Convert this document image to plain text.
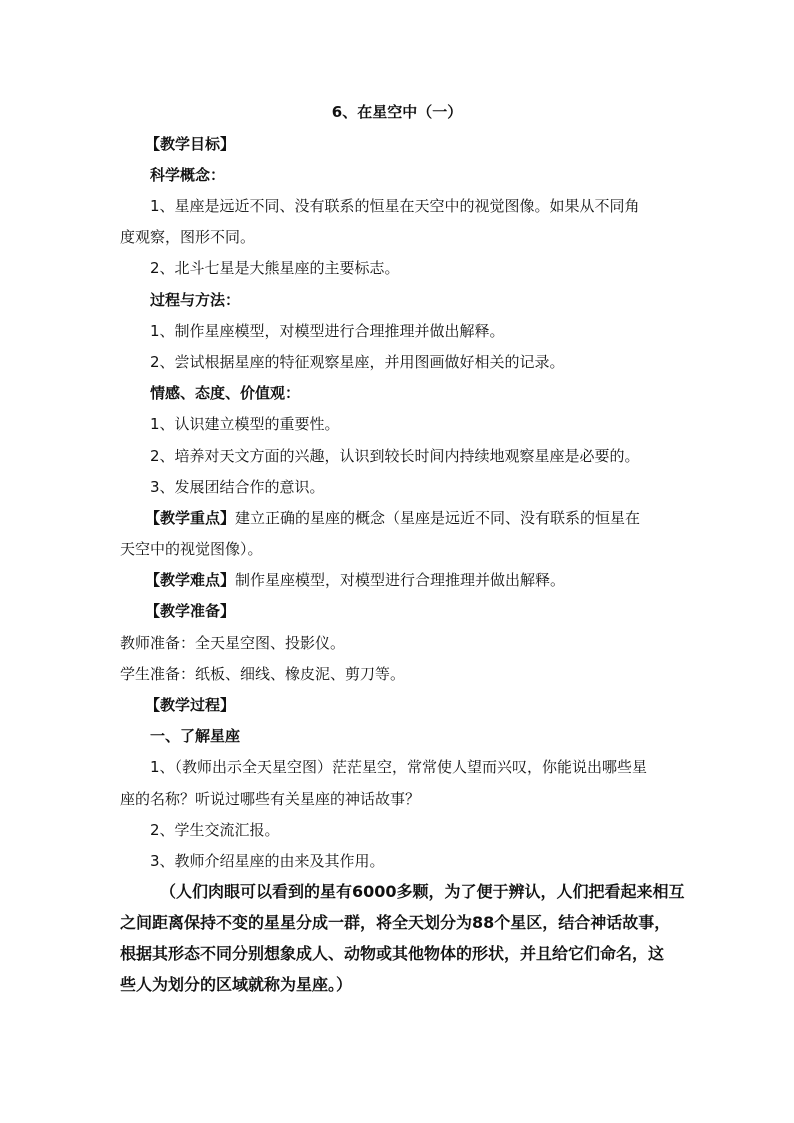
6、在星空中（一）
【教学目标】
科学概念：
1、星座是远近不同、没有联系的恒星在天空中的视觉图像。如果从不同角
度观察，图形不同。
2、北斗七星是大熊星座的主要标志。
过程与方法：
1、制作星座模型，对模型进行合理推理并做出解释。
2、尝试根据星座的特征观察星座，并用图画做好相关的记录。
情感、态度、价值观：
1、认识建立模型的重要性。
2、培养对天文方面的兴趣，认识到较长时间内持续地观察星座是必要的。
3、发展团结合作的意识。
【教学重点】建立正确的星座的概念（星座是远近不同、没有联系的恒星在
天空中的视觉图像）。
【教学难点】制作星座模型，对模型进行合理推理并做出解释。
【教学准备】
教师准备：全天星空图、投影仪。
学生准备：纸板、细线、橡皮泥、剪刀等。
【教学过程】
一、了解星座
1、（教师出示全天星空图）茫茫星空，常常使人望而兴叹，你能说出哪些星
座的名称？听说过哪些有关星座的神话故事？
2、学生交流汇报。
3、教师介绍星座的由来及其作用。
（人们肉眼可以看到的星有6000多颗，为了便于辨认，人们把看起来相互
之间距离保持不变的星星分成一群，将全天划分为88个星区，结合神话故事，
根据其形态不同分别想象成人、动物或其他物体的形状，并且给它们命名，这
些人为划分的区域就称为星座。）
